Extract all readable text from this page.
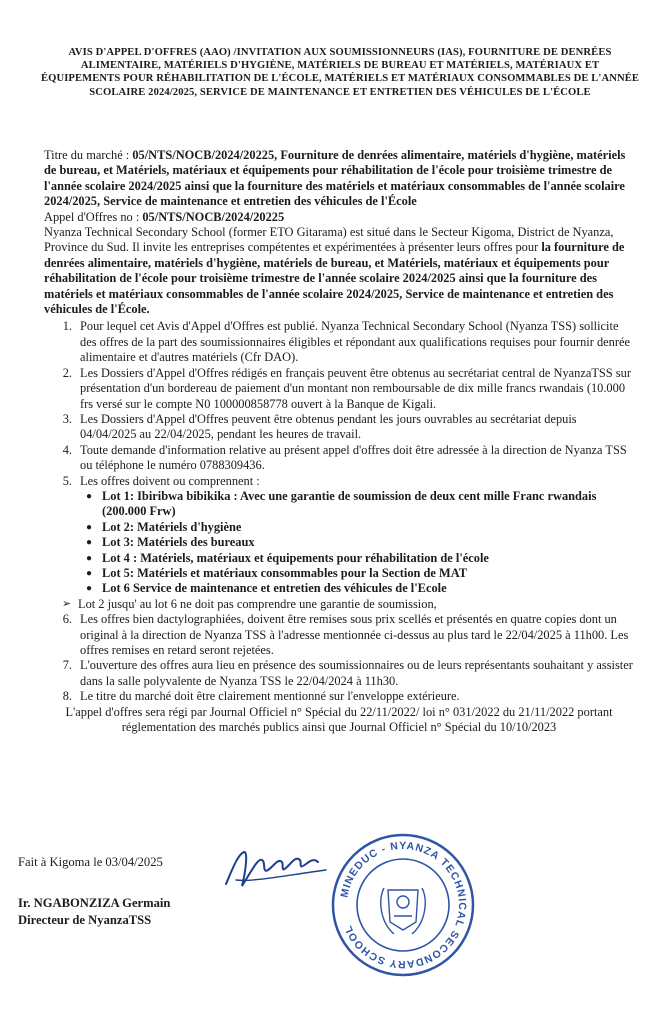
AVIS D'APPEL D'OFFRES (AAO) /INVITATION AUX SOUMISSIONNEURS (IAS), FOURNITURE DE DENRÉES ALIMENTAIRE, MATÉRIELS D'HYGIÈNE, MATÉRIELS DE BUREAU ET MATÉRIELS, MATÉRIAUX ET ÉQUIPEMENTS POUR RÉHABILITATION DE L'ÉCOLE, MATÉRIELS ET MATÉRIAUX CONSOMMABLES DE L'ANNÉE SCOLAIRE 2024/2025, SERVICE DE MAINTENANCE ET ENTRETIEN DES VÉHICULES DE L'ÉCOLE

Titre du marché : 05/NTS/NOCB/2024/20225, Fourniture de denrées alimentaire, matériels d'hygiène, matériels de bureau, et Matériels, matériaux et équipements pour réhabilitation de l'école pour troisième trimestre de l'année scolaire 2024/2025 ainsi que la fourniture des matériels et matériaux consommables de l'année scolaire 2024/2025, Service de maintenance et entretien des véhicules de l'École

Appel d'Offres no : 05/NTS/NOCB/2024/20225

Nyanza Technical Secondary School (former ETO Gitarama) est situé dans le Secteur Kigoma, District de Nyanza, Province du Sud. Il invite les entreprises compétentes et expérimentées à présenter leurs offres pour la fourniture de denrées alimentaire, matériels d'hygiène, matériels de bureau, et Matériels, matériaux et équipements pour réhabilitation de l'école pour troisième trimestre de l'année scolaire 2024/2025 ainsi que la fourniture des matériels et matériaux consommables de l'année scolaire 2024/2025, Service de maintenance et entretien des véhicules de l'École.

1. Pour lequel cet Avis d'Appel d'Offres est publié. Nyanza Technical Secondary School (Nyanza TSS) sollicite des offres de la part des soumissionnaires éligibles et répondant aux qualifications requises pour fournir denrée alimentaire et d'autres matériels (Cfr DAO).
2. Les Dossiers d'Appel d'Offres rédigés en français peuvent être obtenus au secrétariat central de NyanzaTSS sur présentation d'un bordereau de paiement d'un montant non remboursable de dix mille francs rwandais (10.000 frs versé sur le compte N0 100000858778 ouvert à la Banque de Kigali.
3. Les Dossiers d'Appel d'Offres peuvent être obtenus pendant les jours ouvrables au secrétariat depuis 04/04/2025 au 22/04/2025, pendant les heures de travail.
4. Toute demande d'information relative au présent appel d'offres doit être adressée à la direction de Nyanza TSS ou téléphone le numéro 0788309436.
5. Les offres doivent ou comprennent :
● Lot 1: Ibiribwa bibikika : Avec une garantie de soumission de deux cent mille Franc rwandais (200.000 Frw)
● Lot 2: Matériels d'hygiène
● Lot 3: Matériels des bureaux
● Lot 4 : Matériels, matériaux et équipements pour réhabilitation de l'école
● Lot 5: Matériels et matériaux consommables pour la Section de MAT
● Lot 6 Service de maintenance et entretien des véhicules de l'Ecole
➢ Lot 2 jusqu' au lot 6 ne doit pas comprendre une garantie de soumission,
6. Les offres bien dactylographiées, doivent être remises sous prix scellés et présentés en quatre copies dont un original à la direction de Nyanza TSS à l'adresse mentionnée ci-dessus au plus tard le 22/04/2025 à 11h00. Les offres remises en retard seront rejetées.
7. L'ouverture des offres aura lieu en présence des soumissionnaires ou de leurs représentants souhaitant y assister dans la salle polyvalente de Nyanza TSS le 22/04/2024 à 11h30.
8. Le titre du marché doit être clairement mentionné sur l'enveloppe extérieure.

L'appel d'offres sera régi par Journal Officiel n° Spécial du 22/11/2022/ loi n° 031/2022 du 21/11/2022 portant réglementation des marchés publics ainsi que Journal Officiel n° Spécial du 10/10/2023

Fait à Kigoma le 03/04/2025
Ir. NGABONZIZA Germain
Directeur de NyanzaTSS
MINEDUC - NYANZA TECHNICAL SECONDARY SCHOOL
